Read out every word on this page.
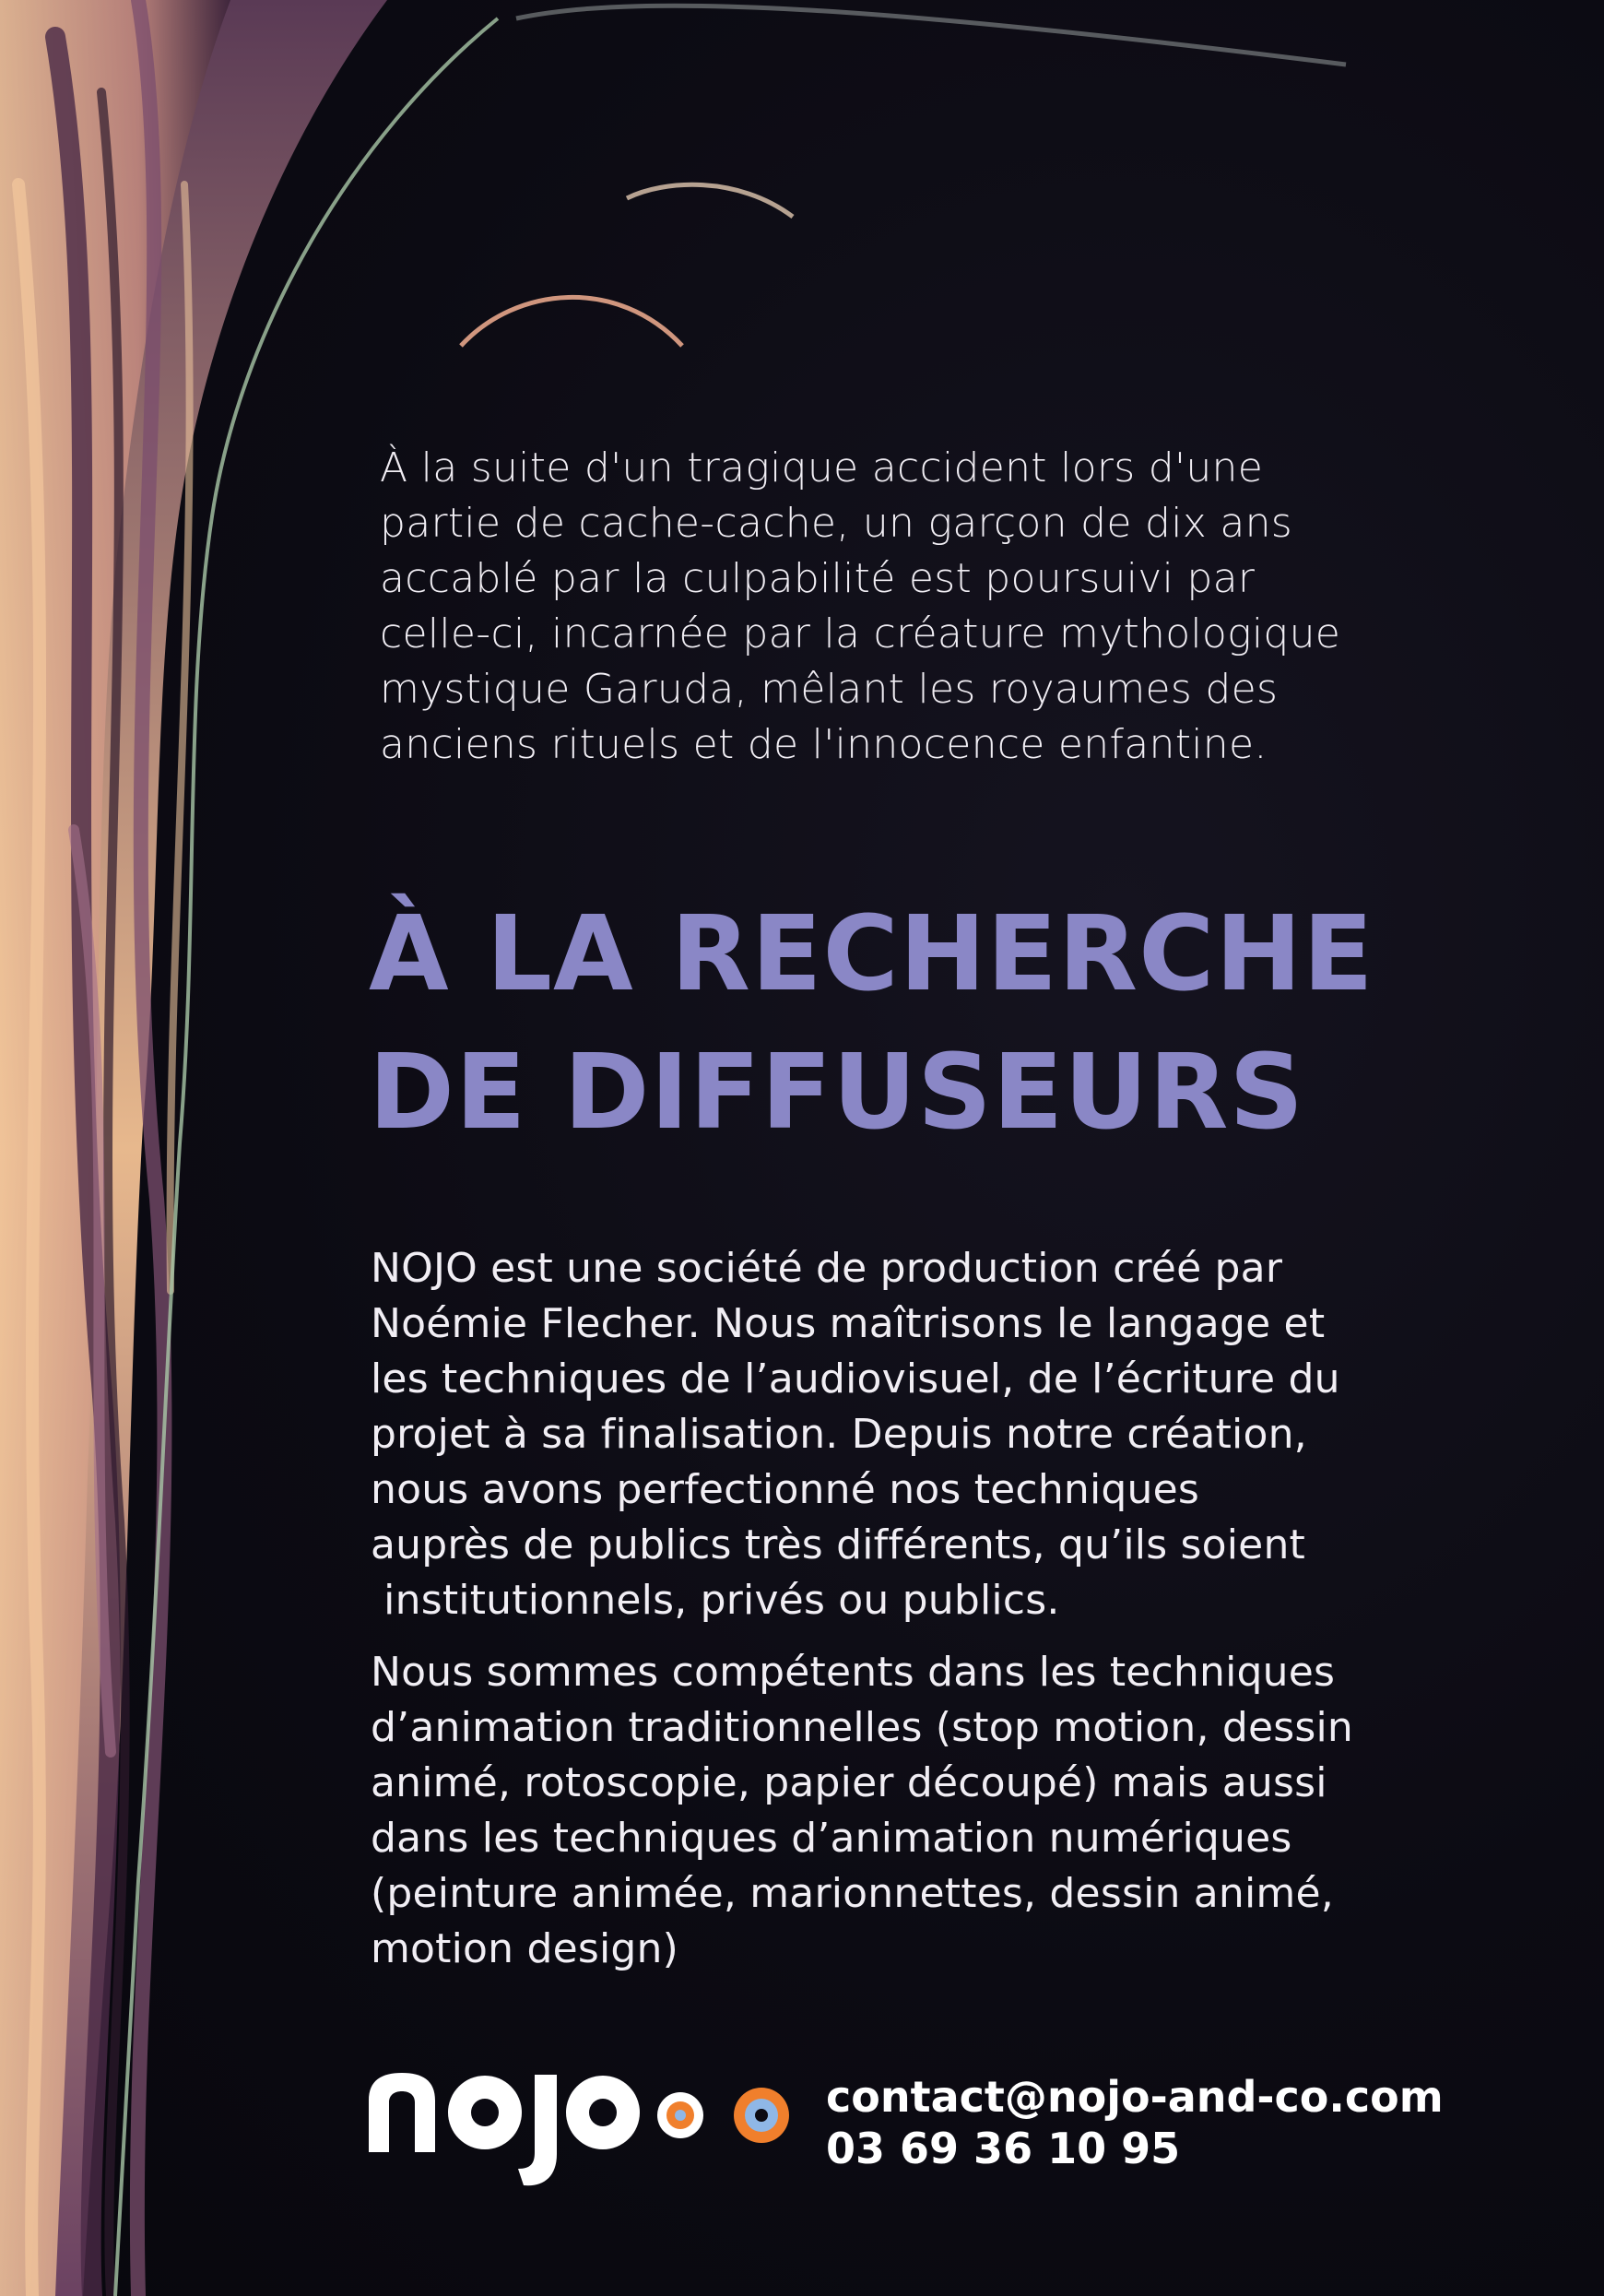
À la suite d'un tragique accident lors d'une
partie de cache-cache, un garçon de dix ans
accablé par la culpabilité est poursuivi par
celle-ci, incarnée par la créature mythologique
mystique Garuda, mêlant les royaumes des
anciens rituels et de l'innocence enfantine.
À LA RECHERCHE
DE DIFFUSEURS

NOJO est une société de production créé par
Noémie Flecher. Nous maîtrisons le langage et
les techniques de l’audiovisuel, de l’écriture du
projet à sa finalisation. Depuis notre création,
nous avons perfectionné nos techniques
auprès de publics très différents, qu’ils soient
institutionnels, privés ou publics.

Nous sommes compétents dans les techniques
d’animation traditionnelles (stop motion, dessin
animé, rotoscopie, papier découpé) mais aussi
dans les techniques d’animation numériques
(peinture animée, marionnettes, dessin animé,
motion design)

contact@nojo-and-co.com
03 69 36 10 95
